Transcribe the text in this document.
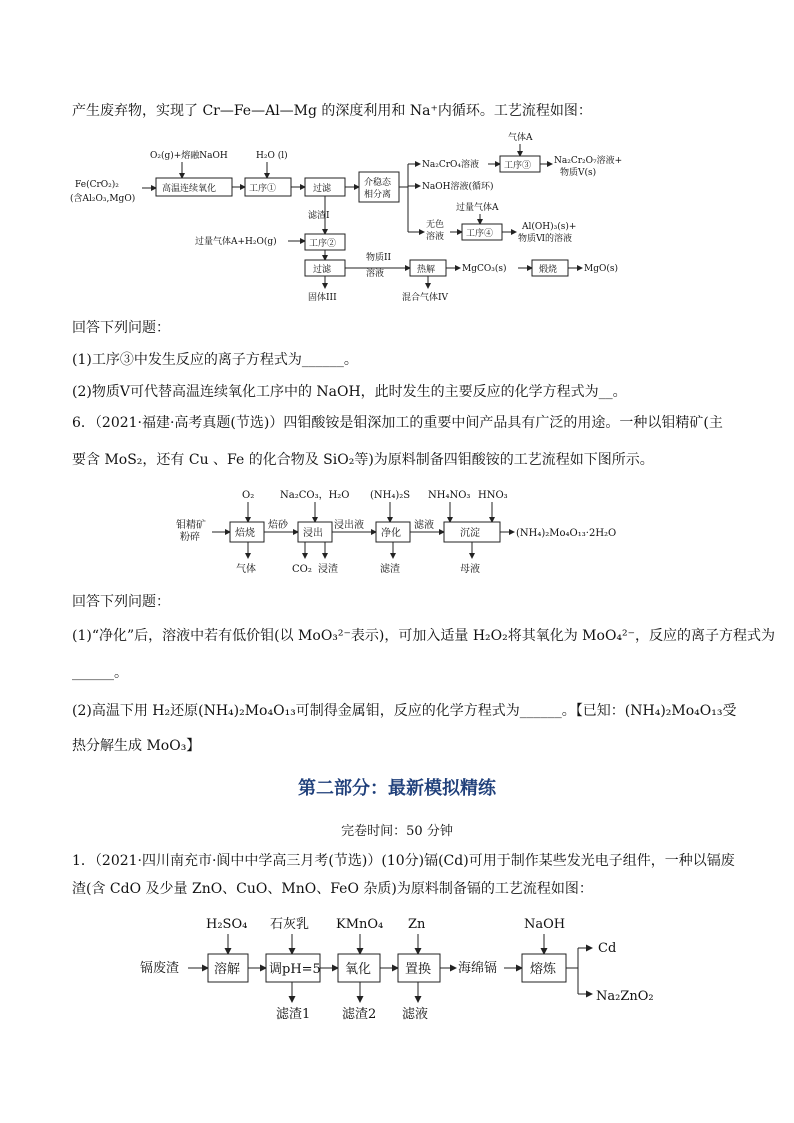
产生废弃物，实现了 Cr—Fe—Al—Mg 的深度利用和 Na⁺内循环。工艺流程如图：
Fe(CrO₂)₂
(含Al₂O₃,MgO)
O₂(g)+熔融NaOH
高温连续氧化
H₂O (l)
工序①	过滤
介稳态
相分离
Na₂CrO₄溶液
气体A
工序③	Na₂Cr₂O₇溶液+
物质V(s)
NaOH溶液(循环)
无色
溶液
过量气体A
工序④
Al(OH)₃(s)+
物质Ⅵ的溶液
滤渣I
过量气体A+H₂O(g)	工序②
过滤
固体III
物质II
溶液	热解
混合气体IV
MgCO₃(s)	煅烧	MgO(s)
回答下列问题：
(1)工序③中发生反应的离子方程式为______。
(2)物质Ⅴ可代替高温连续氧化工序中的 NaOH，此时发生的主要反应的化学方程式为__。
6．（2021·福建·高考真题(节选)）四钼酸铵是钼深加工的重要中间产品具有广泛的用途。一种以钼精矿(主
要含 MoS₂，还有 Cu 、Fe 的化合物及 SiO₂等)为原料制备四钼酸铵的工艺流程如下图所示。
O₂	Na₂CO₃，H₂O (NH₄)₂S NH₄NO₃ HNO₃
钼精矿
粉碎	焙烧
焙砂
浸出
浸出液
净化
滤液
沉淀	(NH₄)₂Mo₄O₁₃·2H₂O
气体	CO₂ 浸渣	滤渣	母液
回答下列问题：
(1)“净化”后，溶液中若有低价钼(以 MoO₃²⁻表示)，可加入适量 H₂O₂将其氧化为 MoO₄²⁻，反应的离子方程式为
______。
(2)高温下用 H₂还原(NH₄)₂Mo₄O₁₃可制得金属钼，反应的化学方程式为______。【已知：(NH₄)₂Mo₄O₁₃受
热分解生成 MoO₃】
第二部分：最新模拟精练
完卷时间：50 分钟
1．（2021·四川南充市·阆中中学高三月考(节选)）(10分)镉(Cd)可用于制作某些发光电子组件，一种以镉废
渣(含 CdO 及少量 ZnO、CuO、MnO、FeO 杂质)为原料制备镉的工艺流程如图：
H₂SO₄ 石灰乳 KMnO₄ Zn	NaOH
镉废渣	溶解 调pH=5 氧化	置换 海绵镉	熔炼
Cd
Na₂ZnO₂
滤渣1 滤渣2 滤液
